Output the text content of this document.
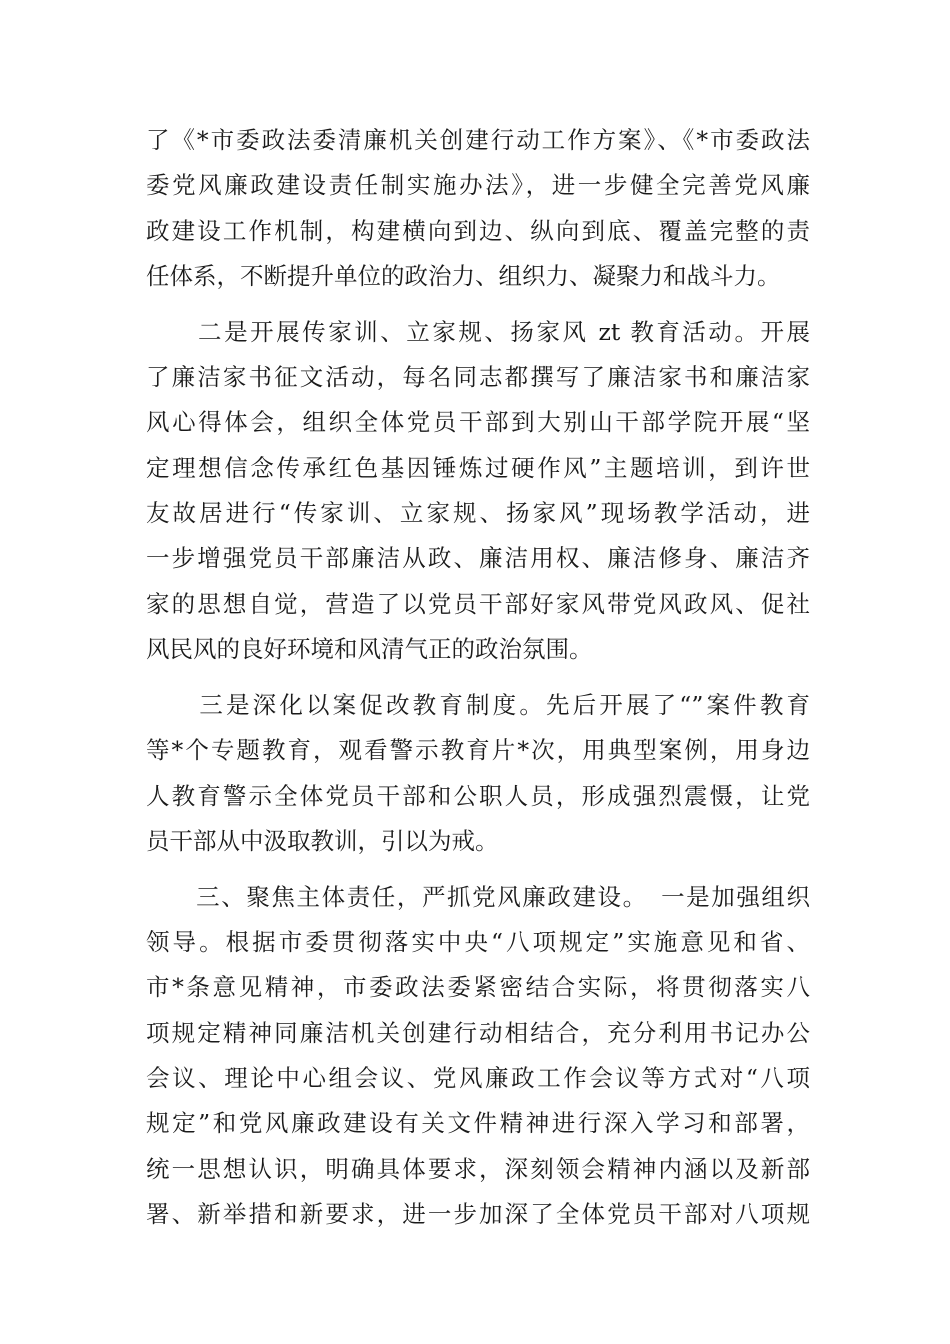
了《*市委政法委清廉机关创建行动工作方案》、《*市委政法
委党风廉政建设责任制实施办法》，进一步健全完善党风廉
政建设工作机制，构建横向到边、纵向到底、覆盖完整的责
任体系，不断提升单位的政治力、组织力、凝聚力和战斗力。
　　二是开展传家训、立家规、扬家风 zt 教育活动。开展
了廉洁家书征文活动，每名同志都撰写了廉洁家书和廉洁家
风心得体会，组织全体党员干部到大别山干部学院开展“坚
定理想信念传承红色基因锤炼过硬作风”主题培训，到许世
友故居进行“传家训、立家规、扬家风”现场教学活动，进
一步增强党员干部廉洁从政、廉洁用权、廉洁修身、廉洁齐
家的思想自觉，营造了以党员干部好家风带党风政风、促社
风民风的良好环境和风清气正的政治氛围。
　　三是深化以案促改教育制度。先后开展了“”案件教育
等*个专题教育，观看警示教育片*次，用典型案例，用身边
人教育警示全体党员干部和公职人员，形成强烈震慑，让党
员干部从中汲取教训，引以为戒。
　　三、聚焦主体责任，严抓党风廉政建设。　一是加强组织
领导。根据市委贯彻落实中央“八项规定”实施意见和省、
市*条意见精神，市委政法委紧密结合实际，将贯彻落实八
项规定精神同廉洁机关创建行动相结合，充分利用书记办公
会议、理论中心组会议、党风廉政工作会议等方式对“八项
规定”和党风廉政建设有关文件精神进行深入学习和部署，
统一思想认识，明确具体要求，深刻领会精神内涵以及新部
署、新举措和新要求，进一步加深了全体党员干部对八项规
